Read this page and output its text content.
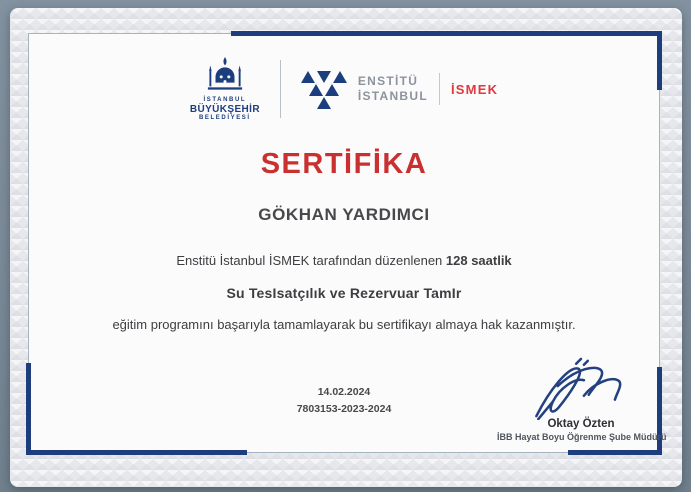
İSTANBUL
BÜYÜKŞEHİR
BELEDİYESİ
ENSTİTÜ
İSTANBUL İSMEK
SERTİFİKA
GÖKHAN YARDIMCI

Enstitü İstanbul İSMEK tarafından düzenlenen 128 saatlik

Su TesIsatçılık ve Rezervuar TamIr

eğitim programını başarıyla tamamlayarak bu sertifikayı almaya hak kazanmıştır.

14.02.2024
7803153-2023-2024
Oktay Özten
İBB Hayat Boyu Öğrenme Şube Müdürü
